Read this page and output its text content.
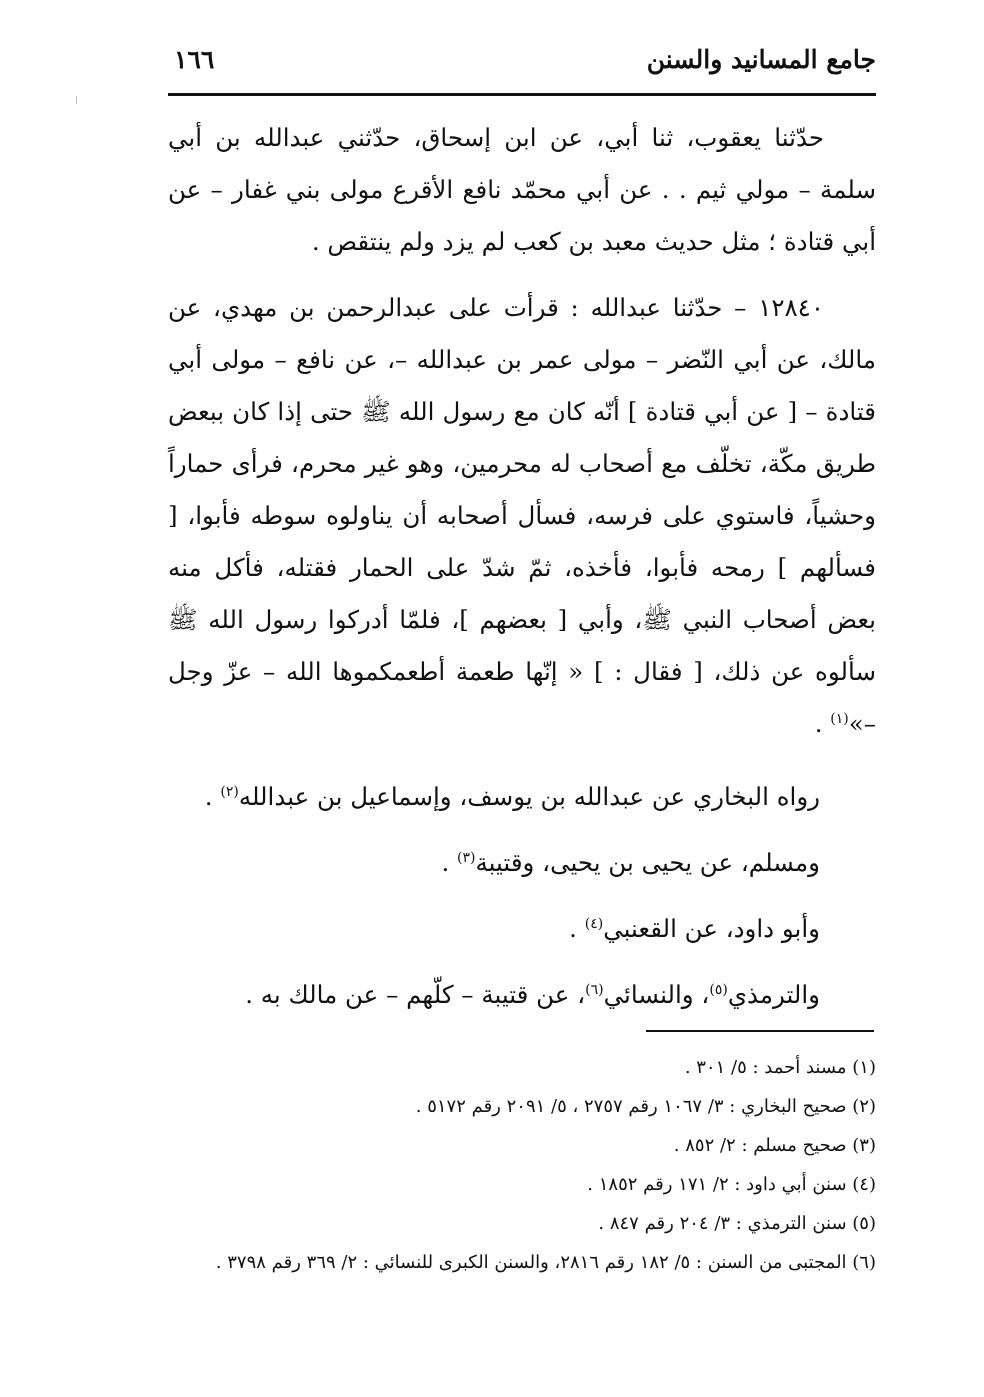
جامع المسانيد والسنن
١٦٦

حدّثنا يعقوب، ثنا أبي، عن ابن إسحاق، حدّثني عبدالله بن أبي سلمة – مولي ثيم . . عن أبي محمّد نافع الأقرع مولى بني غفار – عن أبي قتادة ؛ مثل حديث معبد بن كعب لم يزد ولم ينتقص .

١٢٨٤٠ – حدّثنا عبدالله : قرأت على عبدالرحمن بن مهدي، عن مالك، عن أبي النّضر – مولى عمر بن عبدالله –، عن نافع – مولى أبي قتادة – [ عن أبي قتادة ] أنّه كان مع رسول الله ﷺ حتى إذا كان ببعض طريق مكّة، تخلّف مع أصحاب له محرمين، وهو غير محرم، فرأى حماراً وحشياً، فاستوي على فرسه، فسأل أصحابه أن يناولوه سوطه فأبوا، [ فسألهم ] رمحه فأبوا، فأخذه، ثمّ شدّ على الحمار فقتله، فأكل منه بعض أصحاب النبي ﷺ، وأبي [ بعضهم ]، فلمّا أدركوا رسول الله ﷺ سألوه عن ذلك، [ فقال : ] « إنّها طعمة أطعمكموها الله – عزّ وجل –»$^{(١)}$ .

رواه البخاري عن عبدالله بن يوسف، وإسماعيل بن عبدالله$^{(٢)}$ .

ومسلم، عن يحيى بن يحيى، وقتيبة$^{(٣)}$ .

وأبو داود، عن القعنبي$^{(٤)}$ .

والترمذي$^{(٥)}$، والنسائي$^{(٦)}$، عن قتيبة – كلّهم – عن مالك به .

(١) مسند أحمد : ٥/ ٣٠١ .
(٢) صحيح البخاري : ٣/ ١٠٦٧ رقم ٢٧٥٧ ، ٥/ ٢٠٩١ رقم ٥١٧٢ .
(٣) صحيح مسلم : ٢/ ٨٥٢ .
(٤) سنن أبي داود : ٢/ ١٧١ رقم ١٨٥٢ .
(٥) سنن الترمذي : ٣/ ٢٠٤ رقم ٨٤٧ .
(٦) المجتبى من السنن : ٥/ ١٨٢ رقم ٢٨١٦، والسنن الكبرى للنسائي : ٢/ ٣٦٩ رقم ٣٧٩٨ .
